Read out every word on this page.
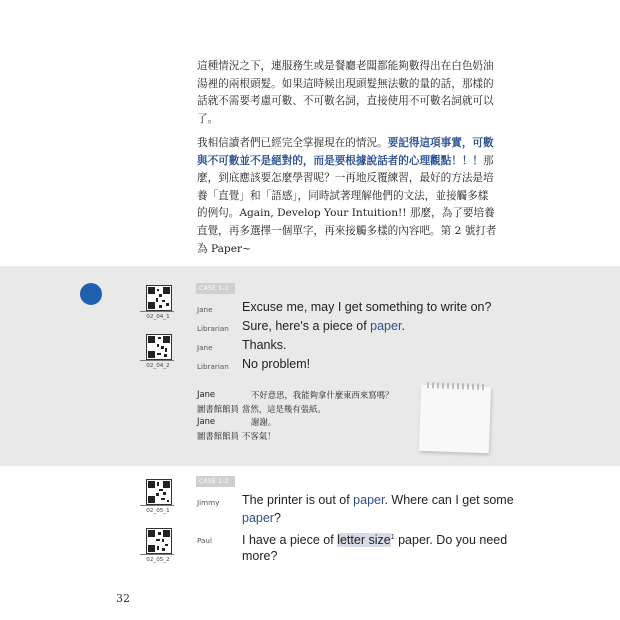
這種情況之下，連服務生或是餐廳老闆都能夠數得出在白色奶油湯裡的兩根頭髮。如果這時候出現頭髮無法數的量的話，那樣的話就不需要考慮可數、不可數名詞，直接使用不可數名詞就可以了。
我相信讀者們已經完全掌握現在的情況。要記得這項事實，可數與不可數並不是絕對的，而是要根據說話者的心理觀點！！！那麼，到底應該要怎麼學習呢？一再地反覆練習，最好的方法是培養「直覺」和「語感」，同時試著理解他們的文法，並接觸多樣的例句。Again, Develop Your Intuition!! 那麼，為了要培養直覺，再多選擇一個單字，再來接觸多樣的內容吧。第 2 號打者為 Paper~
02_04_1
02_04_2
CASE 1-1
Jane Excuse me, may I get something to write on?
Librarian Sure, here's a piece of paper.
Jane Thanks.
Librarian No problem!
Jane	不好意思，我能夠拿什麼東西來寫嗎？
圖書館館員 當然，這是幾有張紙。
Jane	謝謝。
圖書館館員 不客氣！
CASE 1-2
02_05_1
02_05_2
Jimmy The printer is out of paper. Where can I get some
paper?
Paul I have a piece of letter size$^1$ paper. Do you need
more?
32
